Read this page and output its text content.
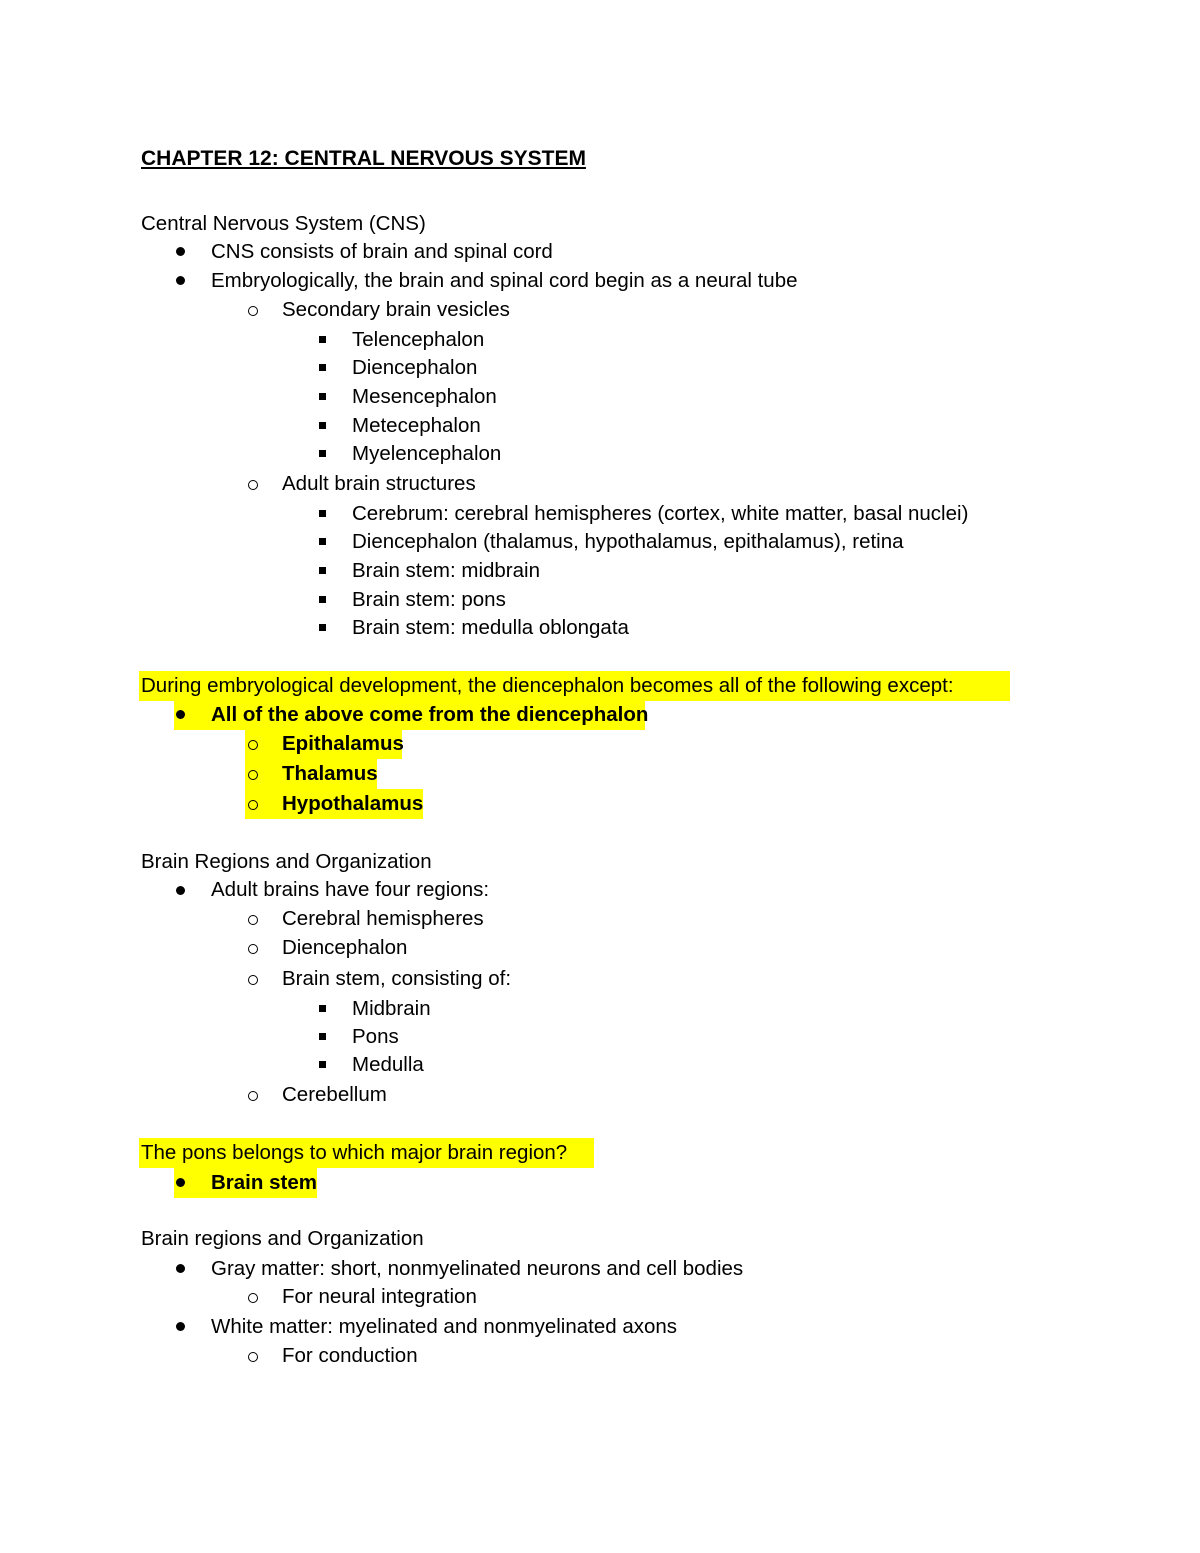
CHAPTER 12: CENTRAL NERVOUS SYSTEM
Central Nervous System (CNS)
CNS consists of brain and spinal cord
Embryologically, the brain and spinal cord begin as a neural tube
Secondary brain vesicles
Telencephalon
Diencephalon
Mesencephalon
Metecephalon
Myelencephalon
Adult brain structures
Cerebrum: cerebral hemispheres (cortex, white matter, basal nuclei)
Diencephalon (thalamus, hypothalamus, epithalamus), retina
Brain stem: midbrain
Brain stem: pons
Brain stem: medulla oblongata
During embryological development, the diencephalon becomes all of the following except:
All of the above come from the diencephalon
Epithalamus
Thalamus
Hypothalamus
Brain Regions and Organization
Adult brains have four regions:
Cerebral hemispheres
Diencephalon
Brain stem, consisting of:
Midbrain
Pons
Medulla
Cerebellum
The pons belongs to which major brain region?
Brain stem
Brain regions and Organization
Gray matter: short, nonmyelinated neurons and cell bodies
For neural integration
White matter: myelinated and nonmyelinated axons
For conduction
